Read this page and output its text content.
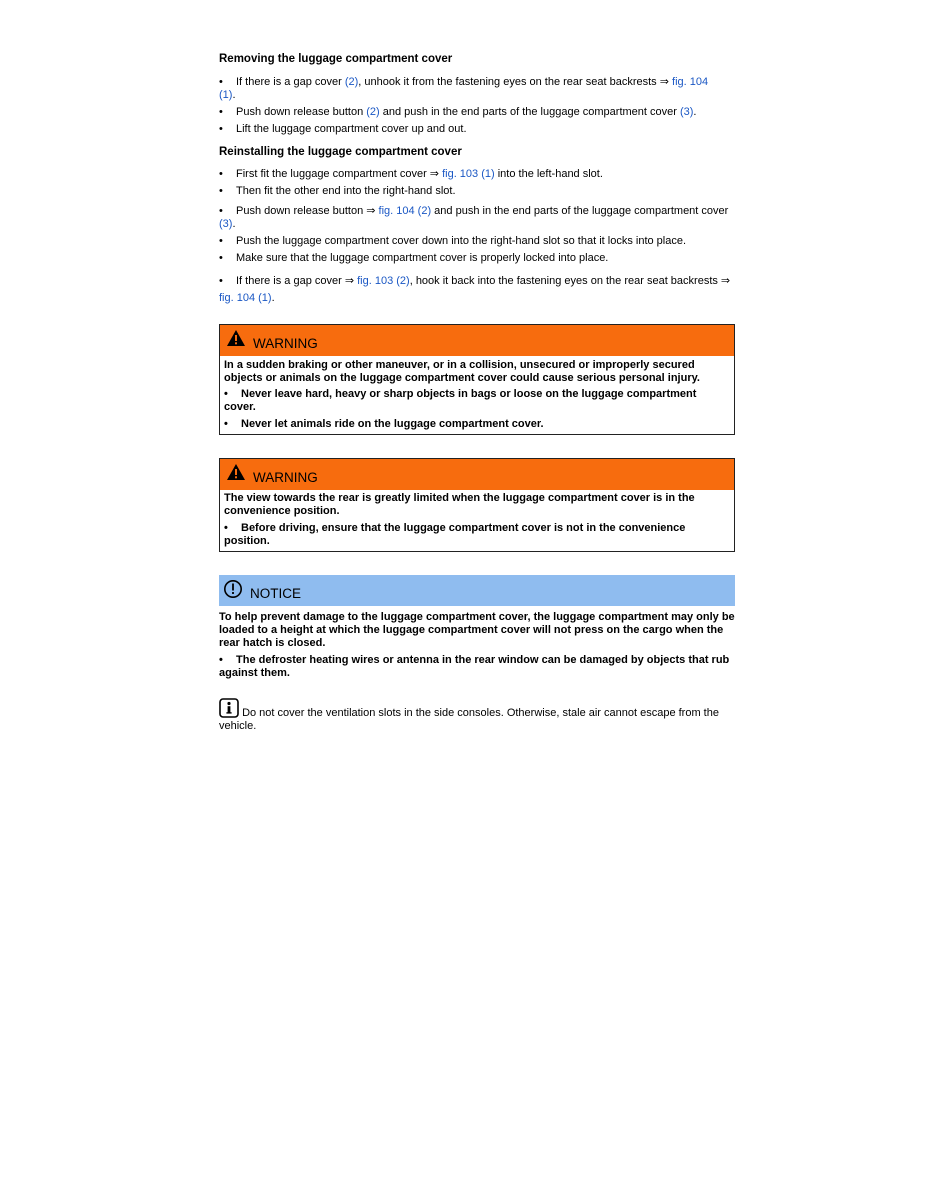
Removing the luggage compartment cover

• If there is a gap cover (2), unhook it from the fastening eyes on the rear seat backrests ⇒ fig. 104
(1).

• Push down release button (2) and push in the end parts of the luggage compartment cover (3).

• Lift the luggage compartment cover up and out.

Reinstalling the luggage compartment cover

• First fit the luggage compartment cover ⇒ fig. 103 (1) into the left-hand slot.

• Then fit the other end into the right-hand slot.

• Push down release button ⇒ fig. 104 (2) and push in the end parts of the luggage compartment cover (3).

• Push the luggage compartment cover down into the right-hand slot so that it locks into place.

• Make sure that the luggage compartment cover is properly locked into place.

• If there is a gap cover ⇒ fig. 103 (2), hook it back into the fastening eyes on the rear seat backrests ⇒ fig. 104 (1).

WARNING
In a sudden braking or other maneuver, or in a collision, unsecured or improperly secured objects or animals on the luggage compartment cover could cause serious personal injury.
• Never leave hard, heavy or sharp objects in bags or loose on the luggage compartment cover.
• Never let animals ride on the luggage compartment cover.
WARNING
The view towards the rear is greatly limited when the luggage compartment cover is in the convenience position.
• Before driving, ensure that the luggage compartment cover is not in the convenience position.
NOTICE
To help prevent damage to the luggage compartment cover, the luggage compartment may only be loaded to a height at which the luggage compartment cover will not press on the cargo when the rear hatch is closed.
• The defroster heating wires or antenna in the rear window can be damaged by objects that rub against them.
Do not cover the ventilation slots in the side consoles. Otherwise, stale air cannot escape from the vehicle.
